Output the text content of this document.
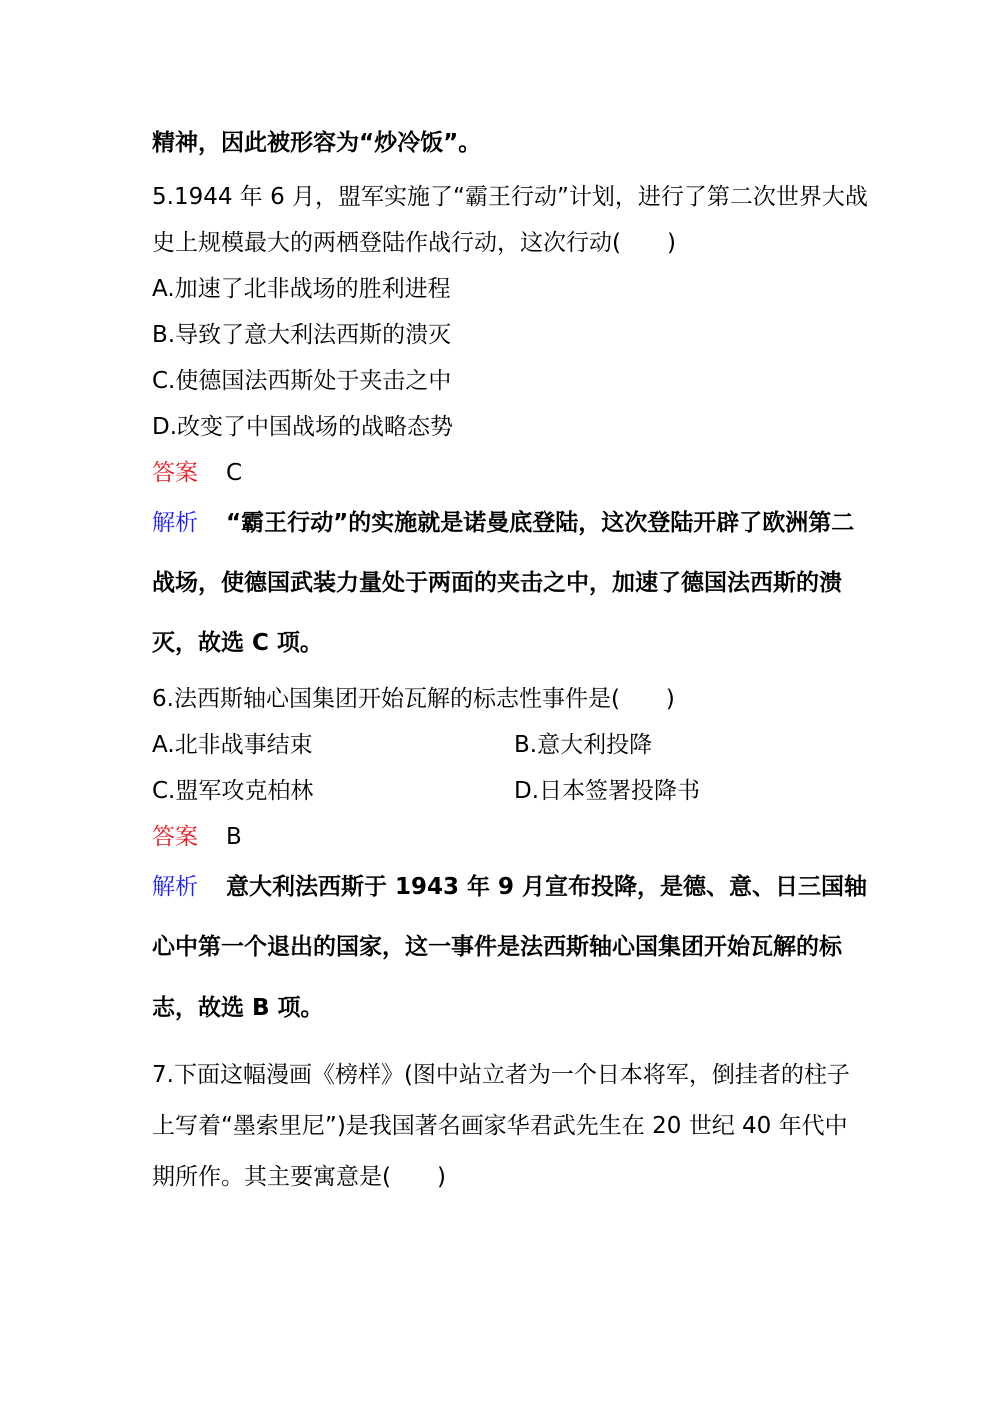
精神，因此被形容为“炒冷饭”。
5.1944 年 6 月，盟军实施了“霸王行动”计划，进行了第二次世界大战
史上规模最大的两栖登陆作战行动，这次行动(　　)
A.加速了北非战场的胜利进程
B.导致了意大利法西斯的溃灭
C.使德国法西斯处于夹击之中
D.改变了中国战场的战略态势
答案 C
解析 “霸王行动”的实施就是诺曼底登陆，这次登陆开辟了欧洲第二
战场，使德国武装力量处于两面的夹击之中，加速了德国法西斯的溃
灭，故选 C 项。
6.法西斯轴心国集团开始瓦解的标志性事件是(　　)
A.北非战事结束	B.意大利投降
C.盟军攻克柏林	D.日本签署投降书
答案 B
解析 意大利法西斯于 1943 年 9 月宣布投降，是德、意、日三国轴
心中第一个退出的国家，这一事件是法西斯轴心国集团开始瓦解的标
志，故选 B 项。
7.下面这幅漫画《榜样》(图中站立者为一个日本将军，倒挂者的柱子
上写着“墨索里尼”)是我国著名画家华君武先生在 20 世纪 40 年代中
期所作。其主要寓意是(　　)
